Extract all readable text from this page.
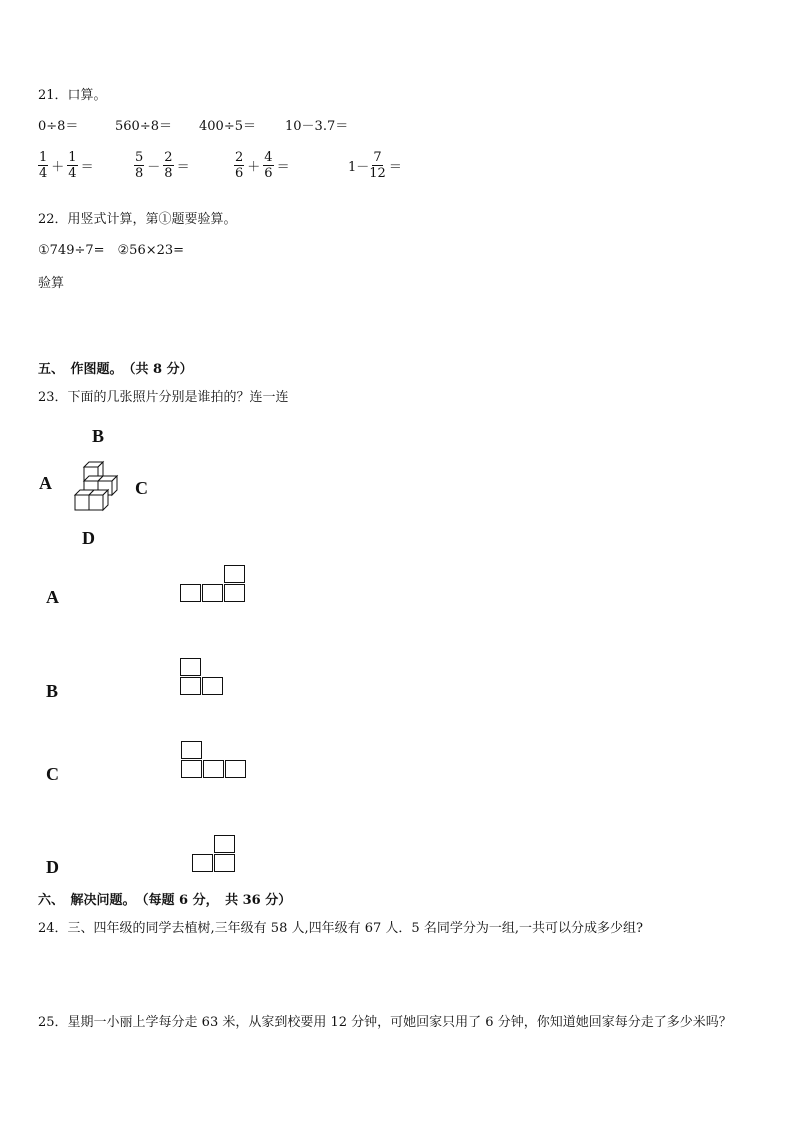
21．口算。
0÷8＝	560÷8＝ 400÷5＝ 10－3.7＝
$\frac{1}{4} + \frac{1}{4}$ ＝	$\frac{5}{8} - \frac{2}{8}$ ＝	$\frac{2}{6} + \frac{4}{6}$ ＝	$1- \frac{7}{12}$ ＝
22．用竖式计算，第①题要验算。
①749÷7=　②56×23=
验算
五、　作图题。　（共 8 分）
23．下面的几张照片分别是谁拍的？连一连
B
A	C
D
A
B
C
D
六、　解决问题。　（每题 6 分，　共 36 分）
24．三、四年级的同学去植树,三年级有 58 人,四年级有 67 人．5 名同学分为一组,一共可以分成多少组?
25．星期一小丽上学每分走 63 米，从家到校要用 12 分钟，可她回家只用了 6 分钟，你知道她回家每分走了多少米吗？
